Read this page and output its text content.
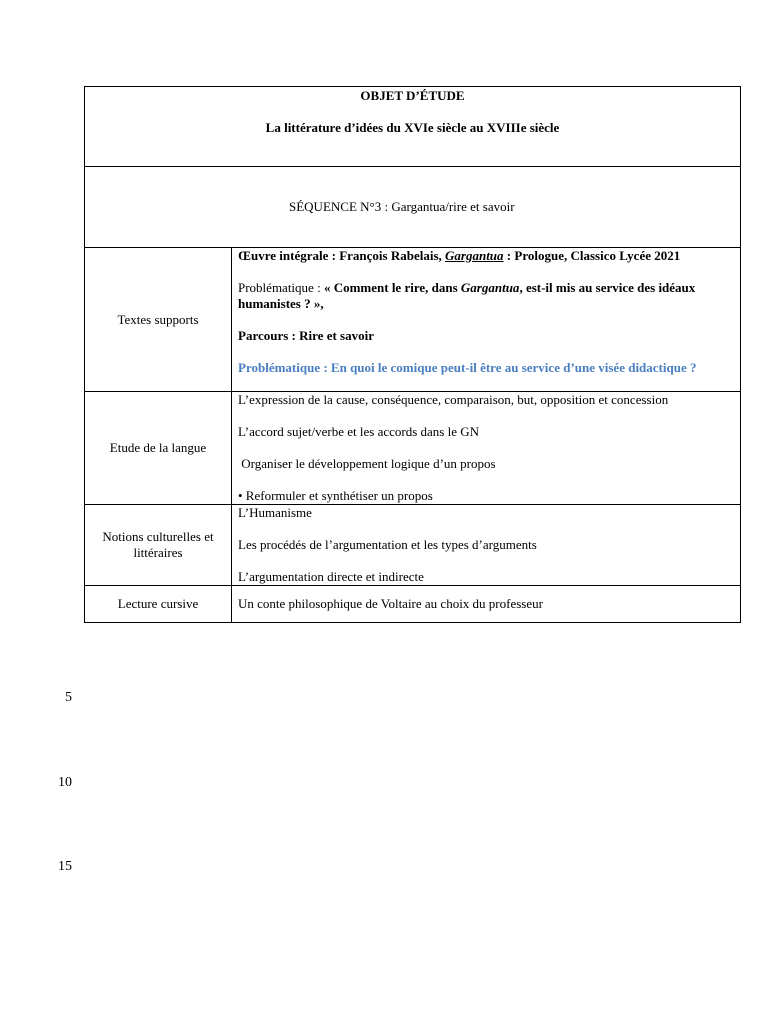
OBJET D’ÉTUDE
La littérature d’idées du XVIe siècle au XVIIIe siècle	

SÉQUENCE N°3 : Gargantua/rire et savoir	

Textes supports	Œuvre intégrale : François Rabelais, Gargantua : Prologue, Classico Lycée 2021

Problématique : « Comment le rire, dans Gargantua, est-il mis au service des idéaux humanistes ? »,

Parcours : Rire et savoir

Problématique : En quoi le comique peut-il être au service d’une visée didactique ?

Etude de la langue	L’expression de la cause, conséquence, comparaison, but, opposition et concession

L’accord sujet/verbe et les accords dans le GN

Organiser le développement logique d’un propos

• Reformuler et synthétiser un propos

Notions culturelles et littéraires	L’Humanisme

Les procédés de l’argumentation et les types d’arguments

L’argumentation directe et indirecte

Lecture cursive	Un conte philosophique de Voltaire au choix du professeur
5
10
15
